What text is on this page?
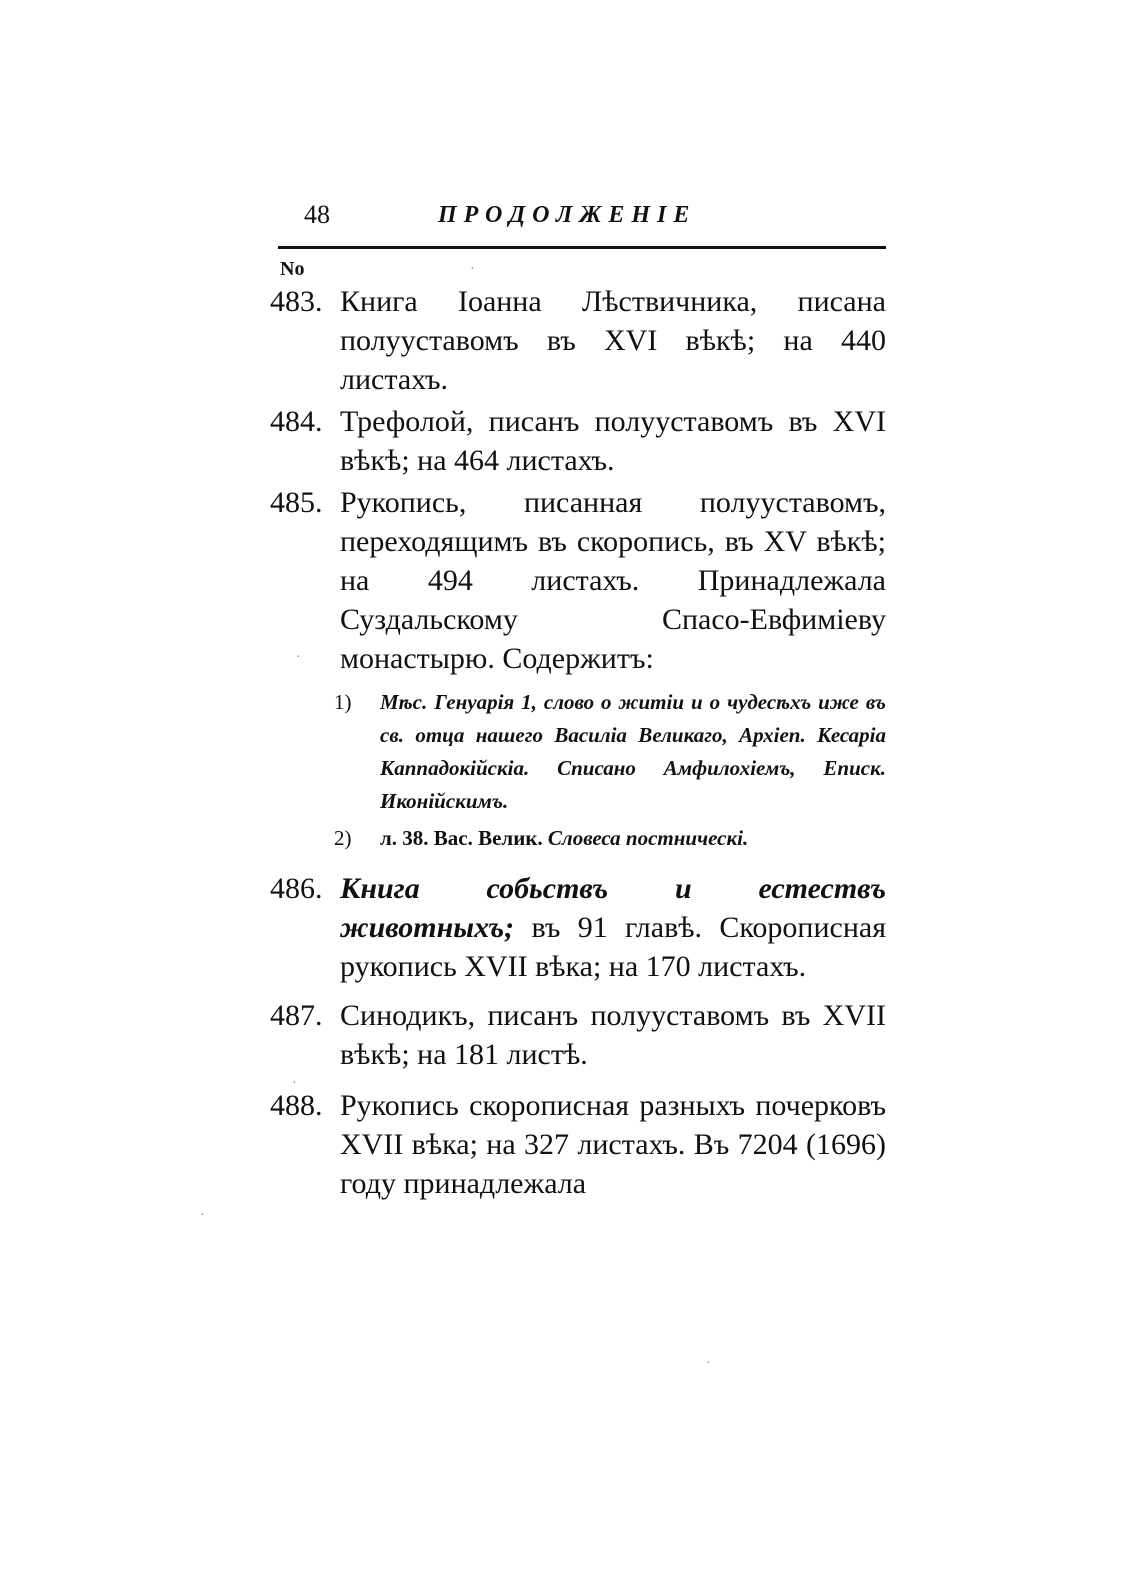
48	ПРОДОЛЖЕНІЕ
No
483. Книга Іоанна Лѣствичника, писана полууставомъ въ XVI вѣкѣ; на 440 листахъ.
484. Трефолой, писанъ полууставомъ въ XVI вѣкѣ; на 464 листахъ.
485. Рукопись, писанная полууставомъ, переходящимъ въ скоропись, въ XV вѣкѣ; на 494 листахъ. Принадлежала Суздальскому Спасо-Евфиміеву монастырю. Содержитъ:
1) Мѣс. Генуарія 1, слово о житіи и о чудесѣхъ иже въ св. отца нашего Василіа Великаго, Архіеп. Кесаріа Каппадокійскіа. Списано Амфилохіемъ, Еписк. Иконійскимъ.
2) л. 38. Вас. Велик. Словеса постническі.
486. Книга собьствъ и естествъ животныхъ; въ 91 главѣ. Скорописная рукопись XVII вѣка; на 170 листахъ.
487. Синодикъ, писанъ полууставомъ въ XVII вѣкѣ; на 181 листѣ.
488. Рукопись скорописная разныхъ почерковъ XVII вѣка; на 327 листахъ. Въ 7204 (1696) году принадлежала
·
·
·
·
·
